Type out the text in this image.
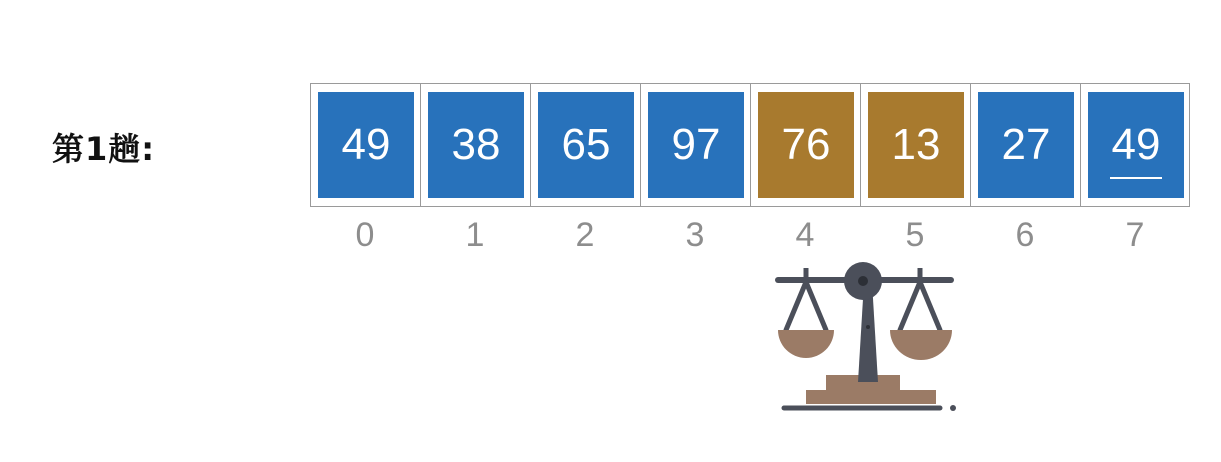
第1趟:	49 38 65 97 76 13 27 49
0	1	2	3	4	5	6	7
